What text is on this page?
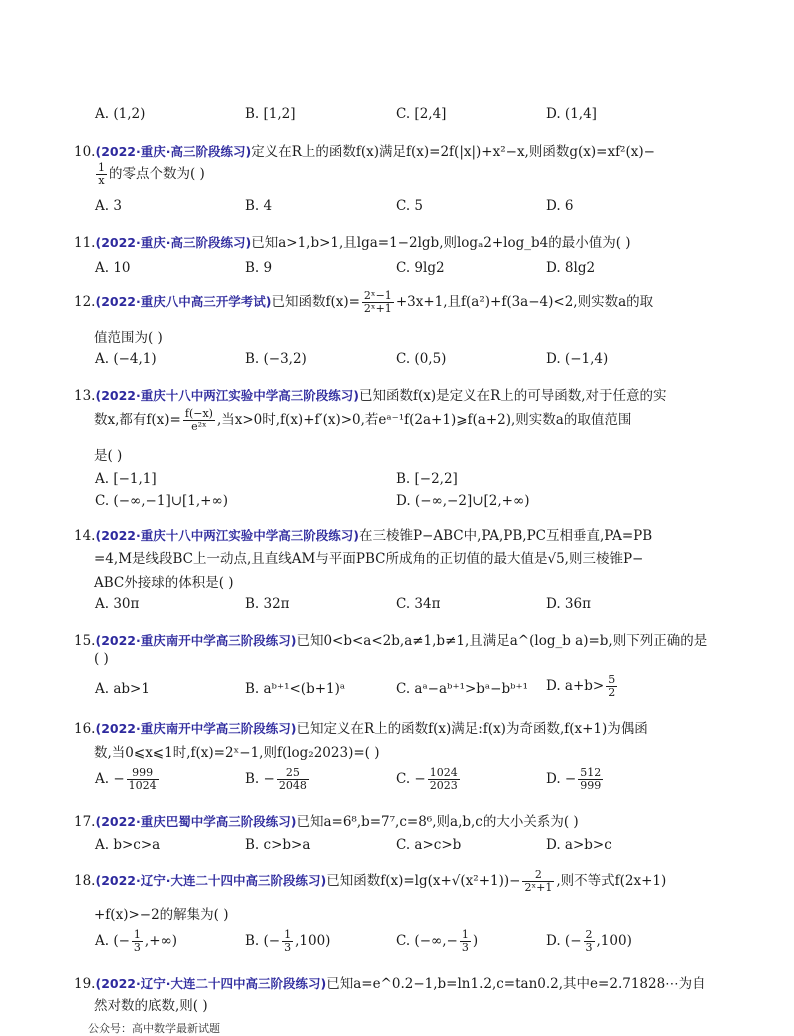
A. (1,2)	B. [1,2]	C. [2,4]	D. (1,4]
10.(2022·重庆·高三阶段练习)定义在R上的函数f(x)满足f(x)=2f(|x|)+x²−x,则函数g(x)=xf²(x)−
$\frac{1}{x}$ 的零点个数为( )
A. 3	B. 4	C. 5	D. 6
11.(2022·重庆·高三阶段练习)已知a>1,b>1,且lga=1−2lgb,则logₐ2+log_b4的最小值为( )
A. 10	B. 9	C. 9lg2	D. 8lg2
12.(2022·重庆八中高三开学考试)已知函数$f(x)= \frac{\text{2ˣ−1}}{\text{2ˣ+1}} +3x+1$,且f(a²)+f(3a−4)<2,则实数a的取
值范围为( )
A. (−4,1)	B. (−3,2)	C. (0,5)	D. (−1,4)
13.(2022·重庆十八中两江实验中学高三阶段练习)已知函数f(x)是定义在R上的可导函数,对于任意的实
数x,都有$f(x)= \frac{f(-x)}{\text{e²ˣ}}$ ,当x>0时,f(x)+f′(x)>0,若eᵃ⁻¹f(2a+1)⩾f(a+2),则实数a的取值范围
是( )
A. [−1,1]	B. [−2,2]
C. (−∞,−1]∪[1,+∞)	D. (−∞,−2]∪[2,+∞)
14.(2022·重庆十八中两江实验中学高三阶段练习)在三棱锥P−ABC中,PA,PB,PC互相垂直,PA=PB
=4,M是线段BC上一动点,且直线AM与平面PBC所成角的正切值的最大值是√5,则三棱锥P−
ABC外接球的体积是( )
A. 30π	B. 32π	C. 34π	D. 36π
15.(2022·重庆南开中学高三阶段练习)已知0<b<a<2b,a≠1,b≠1,且满足a^(log_b a)=b,则下列正确的是
( )
A. ab>1	B. aᵇ⁺¹<(b+1)ᵃ	C. aᵃ−aᵇ⁺¹>bᵃ−bᵇ⁺¹ D. $a+b> \frac{5}{2}$
16.(2022·重庆南开中学高三阶段练习)已知定义在R上的函数f(x)满足:f(x)为奇函数,f(x+1)为偶函
数,当0⩽x⩽1时,f(x)=2ˣ−1,则f(log₂2023)=( )
A. − $\frac{999}{1024}$	B. − $\frac{25}{2048}$	C. − $\frac{1024}{2023}$	D. − $\frac{512}{999}$
17.(2022·重庆巴蜀中学高三阶段练习)已知a=6⁸,b=7⁷,c=8⁶,则a,b,c的大小关系为( )
A. b>c>a	B. c>b>a	C. a>c>b	D. a>b>c
18.(2022·辽宁·大连二十四中高三阶段练习)已知函数$f(x)=\lg(x+√(x^2+1))- \frac{2}{\text{2ˣ+1}}$ ,则不等式f(2x+1)
+f(x)>−2的解集为( )
A. (− $\frac{1}{3}$ ,+∞)	B. (− $\frac{1}{3} ,100$)	C. (−∞,− $\frac{1}{3}$ )	D. (− $\frac{2}{3} ,100$)
19.(2022·辽宁·大连二十四中高三阶段练习)已知a=e^0.2−1,b=ln1.2,c=tan0.2,其中e=2.71828⋯为自
然对数的底数,则( )
公众号：高中数学最新试题
